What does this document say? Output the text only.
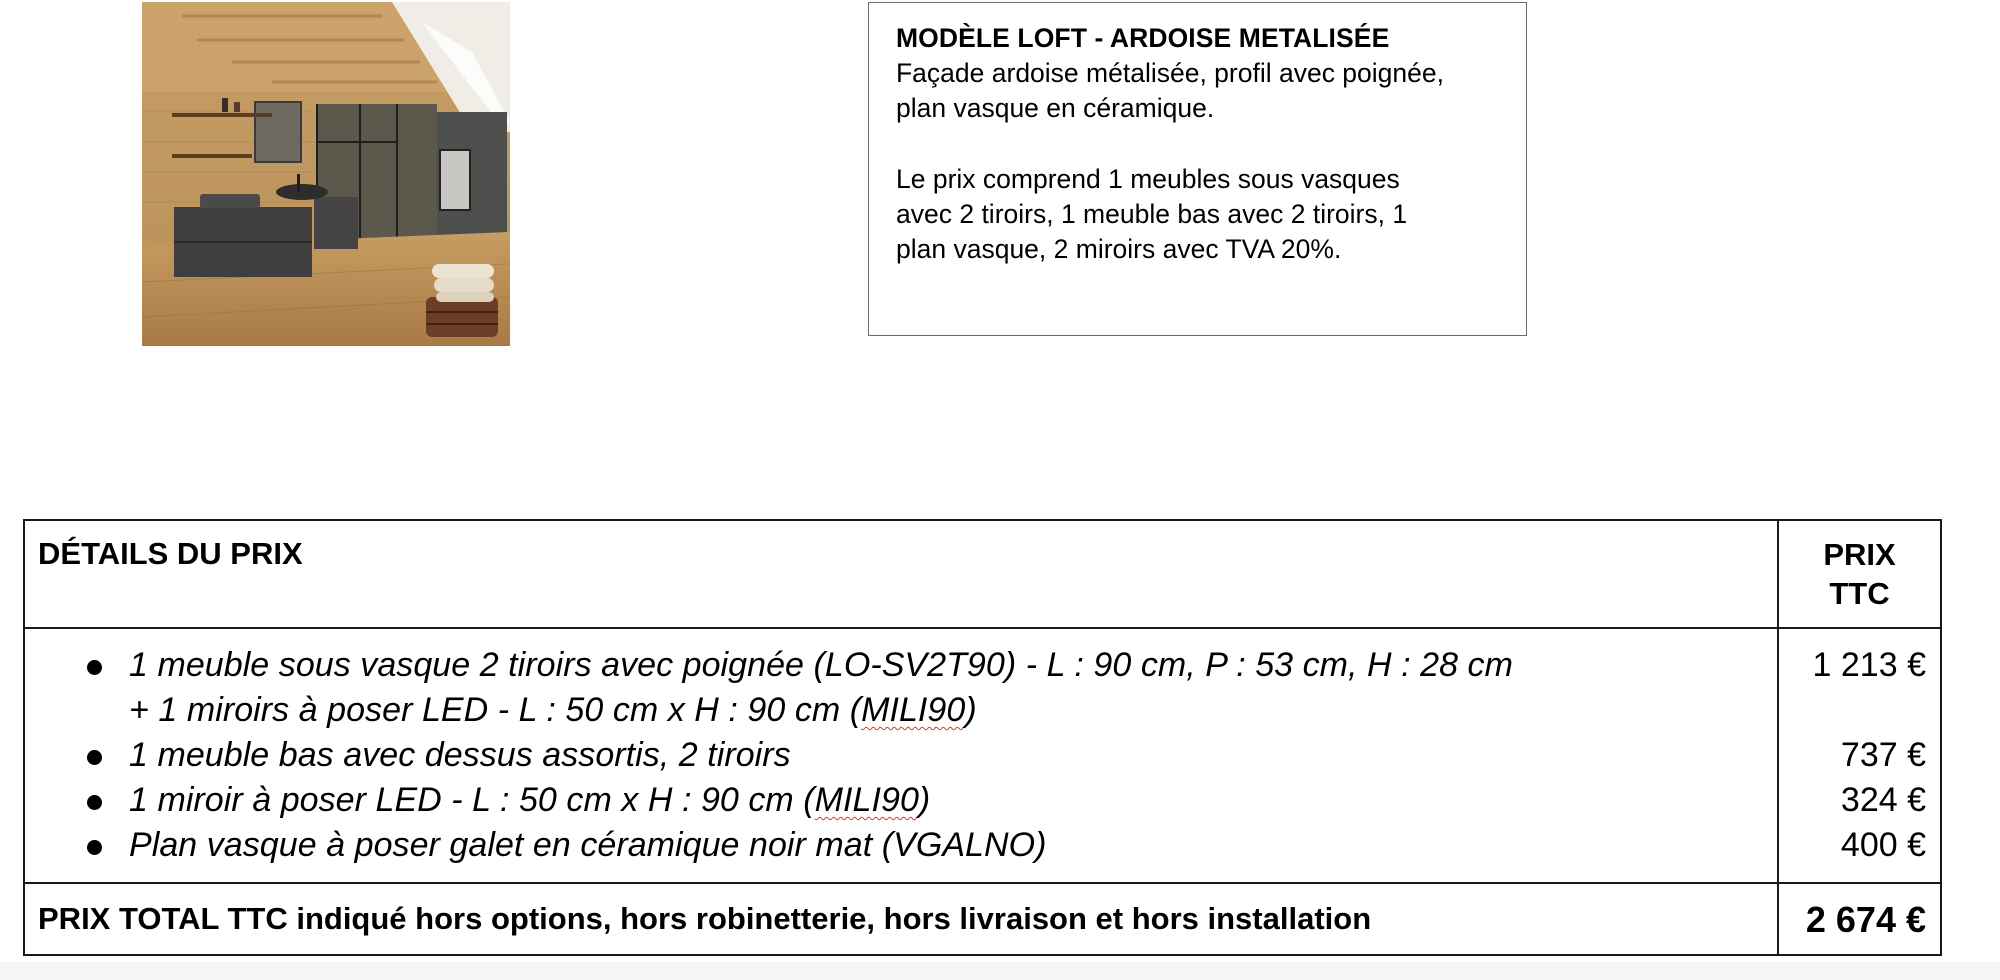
MODÈLE LOFT - ARDOISE METALISÉE
Façade ardoise métalisée, profil avec poignée,
plan vasque en céramique.
Le prix comprend 1 meubles sous vasques
avec 2 tiroirs, 1 meuble bas avec 2 tiroirs, 1
plan vasque, 2 miroirs avec TVA 20%.
DÉTAILS DU PRIX	PRIX
TTC
1 meuble sous vasque 2 tiroirs avec poignée (LO-SV2T90) - L : 90 cm, P : 53 cm, H : 28 cm
+ 1 miroirs à poser LED - L : 50 cm x H : 90 cm (MILI90)
1 meuble bas avec dessus assortis, 2 tiroirs
1 miroir à poser LED - L : 50 cm x H : 90 cm (MILI90)
Plan vasque à poser galet en céramique noir mat (VGALNO)
1 213 €

737 €
324 €
400 €
PRIX TOTAL TTC indiqué hors options, hors robinetterie, hors livraison et hors installation	2 674 €
